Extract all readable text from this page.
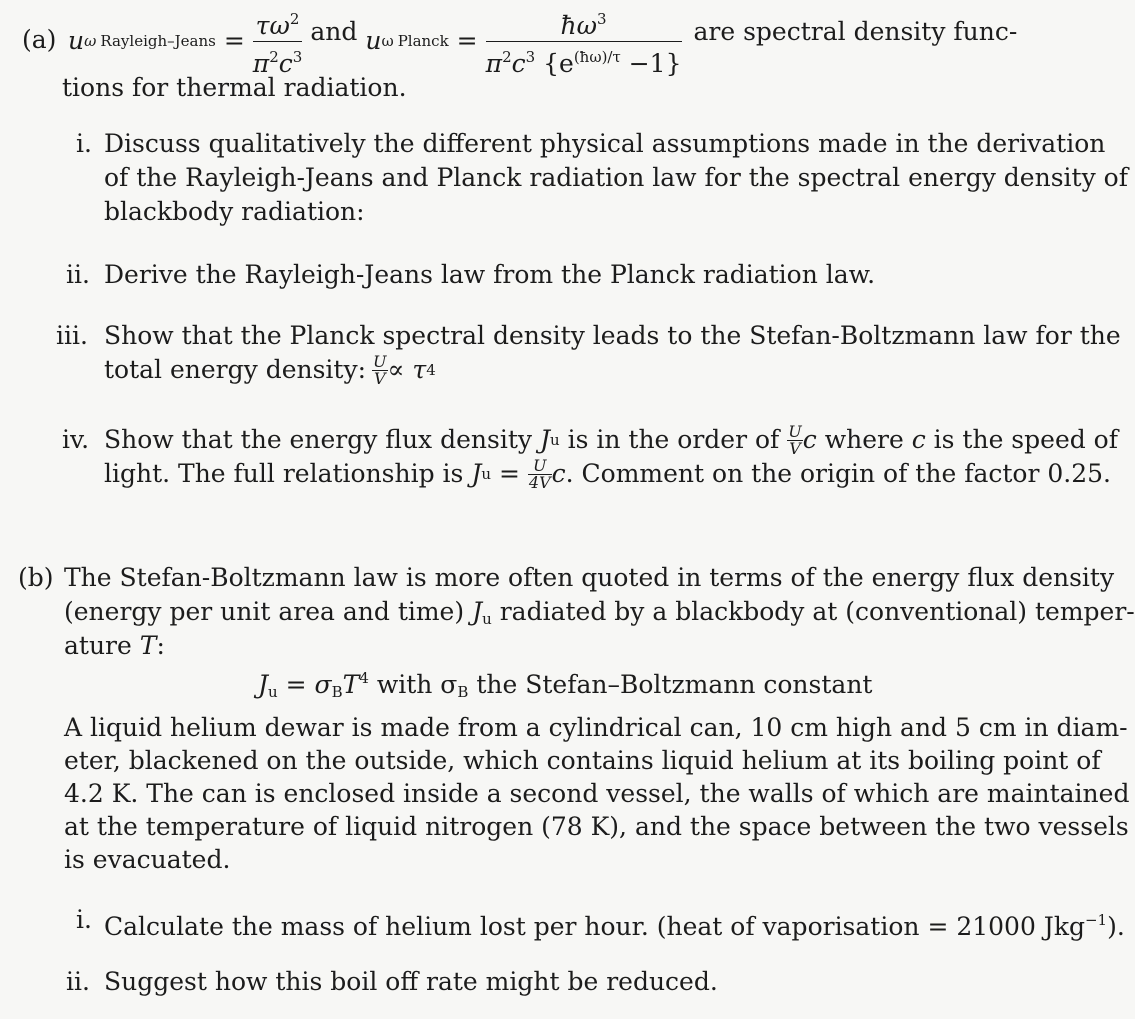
(a) u ω Rayleigh–Jeans = $\frac{\tau\omega^2}{\pi^2c^3}$ and u ω Planck = $\frac{ħ\omega^3}{\pi^2c^3 \{e^{(ħ\omega)/\tau} -1\}}$ are spectral density func-
tions for thermal radiation.
i. Discuss qualitatively the different physical assumptions made in the derivation
of the Rayleigh-Jeans and Planck radiation law for the spectral energy density of
blackbody radiation:
ii. Derive the Rayleigh-Jeans law from the Planck radiation law.
iii. Show that the Planck spectral density leads to the Stefan-Boltzmann law for the
total energy density: $\frac{U}{V} \propto \tau$ 4
iv. Show that the energy flux density J u is in the order of $\frac{U}{V}$ c where c is the speed of
light. The full relationship is J $u = \frac{U}{4V}$ c . Comment on the origin of the factor 0.25.
(b) The Stefan-Boltzmann law is more often quoted in terms of the energy flux density
(energy per unit area and time) $J_u$ radiated by a blackbody at (conventional) temper-
ature T:
$J_u = \sigma_BT^4$ with $\sigma_B$ the Stefan–Boltzmann constant
A liquid helium dewar is made from a cylindrical can, 10 cm high and 5 cm in diam-
eter, blackened on the outside, which contains liquid helium at its boiling point of
4.2 K. The can is enclosed inside a second vessel, the walls of which are maintained
at the temperature of liquid nitrogen (78 K), and the space between the two vessels
is evacuated.
i. Calculate the mass of helium lost per hour. (heat of vaporisation = 21000 Jkg$^{-1}$).
ii. Suggest how this boil off rate might be reduced.
